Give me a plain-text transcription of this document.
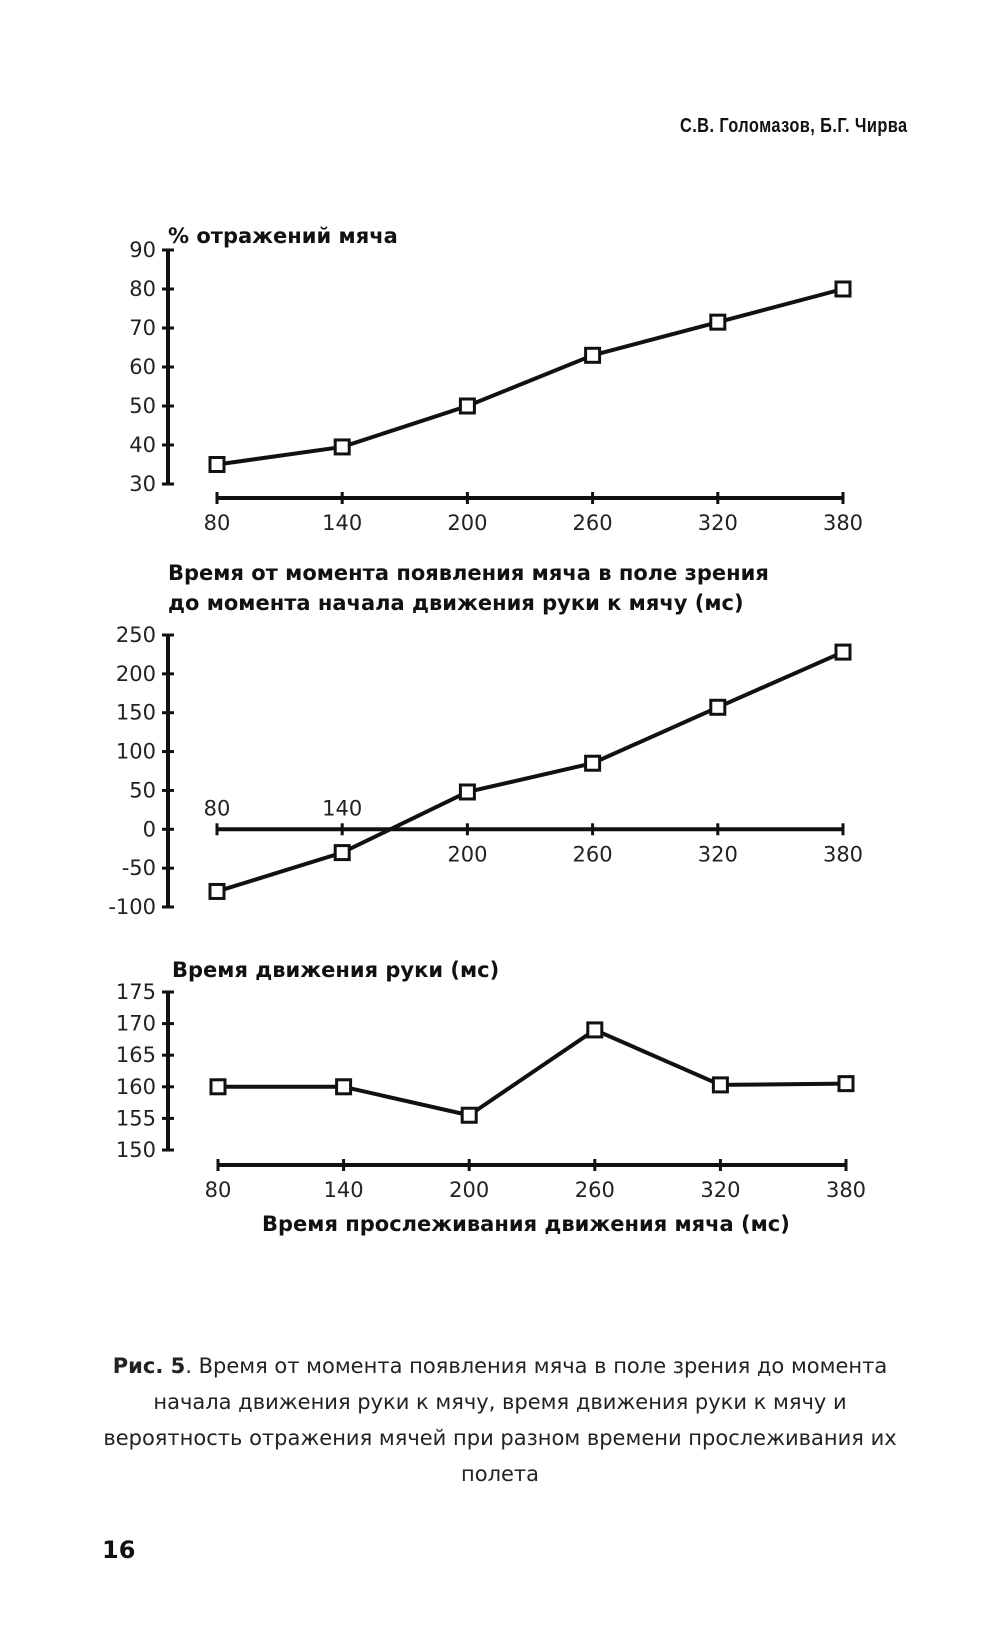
С.В. Голомазов, Б.Г. Чирва
30
40
50
60
70
80
90
80	140	200	260	320	380
% отражений мяча
Время от момента появления мяча в поле зрения
до момента начала движения руки к мячу (мс)
-100
-50
0
50
100
150
200
250
80	140
200	260	320	380
Время движения руки (мс)
150
155
160
165
170
175
80	140	200	260	320	380
Время прослеживания движения мяча (мс)
Рис. 5. Время от момента появления мяча в поле зрения до момента начала движения руки к мячу, время движения руки к мячу и вероятность отражения мячей при разном времени прослеживания их полета
16
